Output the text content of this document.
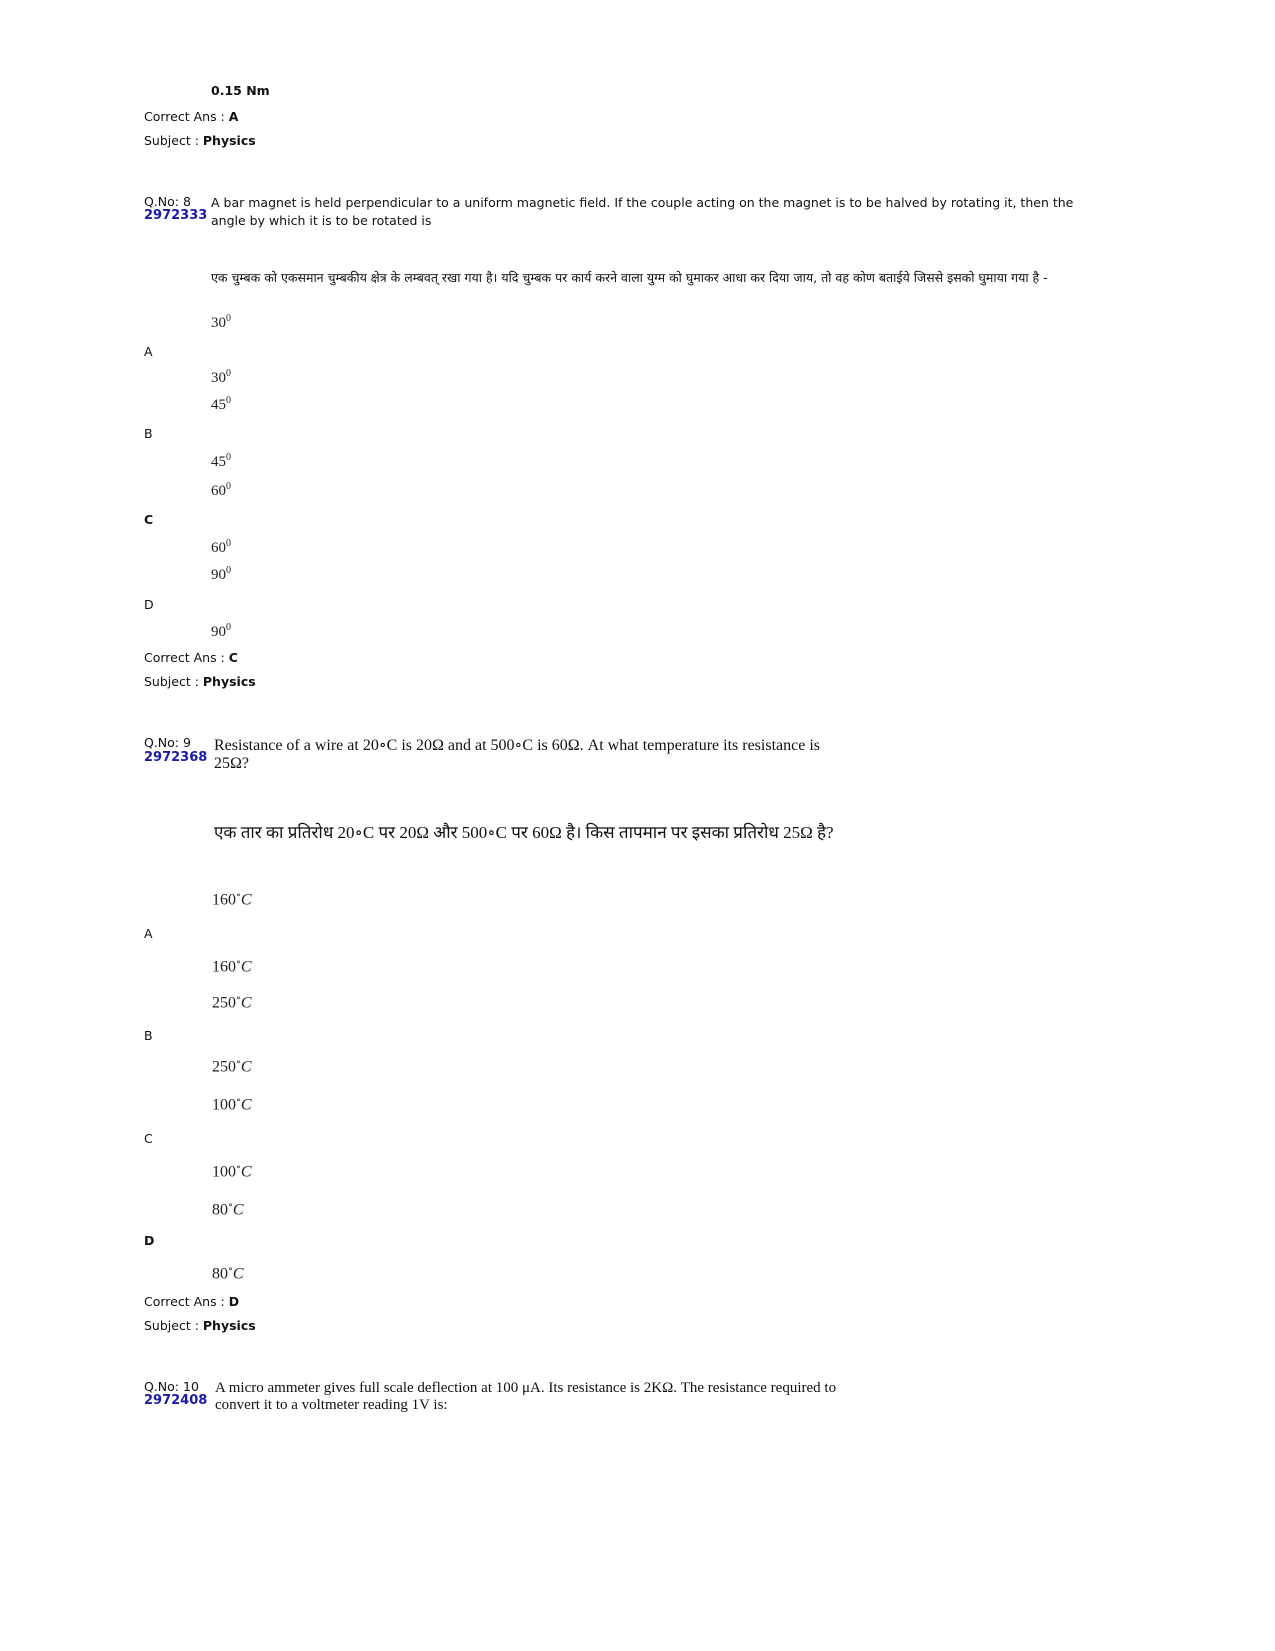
0.15 Nm
Correct Ans : A
Subject : Physics
Q.No: 8
2972333
A bar magnet is held perpendicular to a uniform magnetic field. If the couple acting on the magnet is to be halved by rotating it, then the angle by which it is to be rotated is
एक चुम्बक को एकसमान चुम्बकीय क्षेत्र के लम्बवत् रखा गया है। यदि चुम्बक पर कार्य करने वाला युग्म को घुमाकर आधा कर दिया जाय, तो वह कोण बताईये जिससे इसको घुमाया गया है -
$30^0$
A
$30^0$
$45^0$
B
$45^0$
$60^0$
C
$60^0$
$90^0$
D
$90^0$
Correct Ans : C
Subject : Physics
Q.No: 9
2972368
Resistance of a wire at 20∘C is 20Ω and at 500∘C is 60Ω. At what temperature its resistance is 25Ω?
एक तार का प्रतिरोध 20∘C पर 20Ω और 500∘C पर 60Ω है। किस तापमान पर इसका प्रतिरोध 25Ω है?
160∘C
A
160∘C
250∘C
B
250∘C
100∘C
C
100∘C
80∘C
D
80∘C
Correct Ans : D
Subject : Physics
Q.No: 10
2972408
A micro ammeter gives full scale deflection at 100 μA. Its resistance is 2KΩ. The resistance required to convert it to a voltmeter reading 1V is:
